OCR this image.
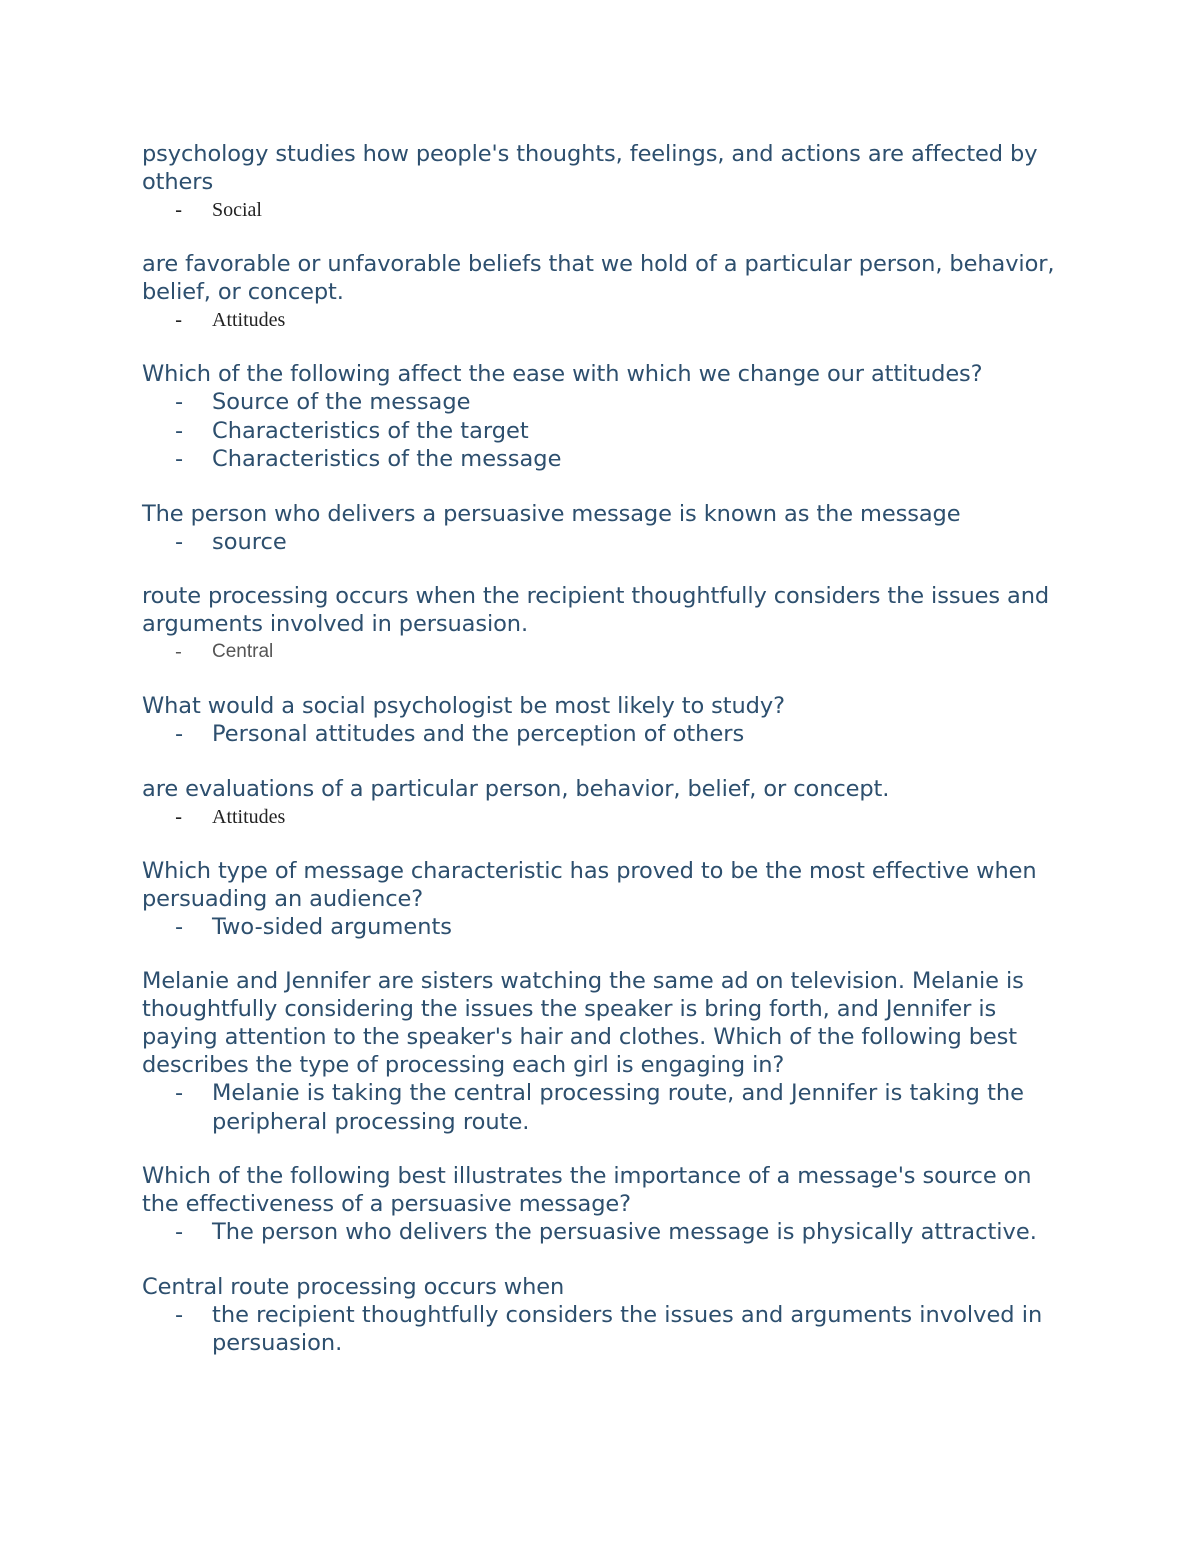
psychology studies how people's thoughts, feelings, and actions are affected by others

- Social

are favorable or unfavorable beliefs that we hold of a particular person, behavior, belief, or concept.

- Attitudes

Which of the following affect the ease with which we change our attitudes?

- Source of the message
- Characteristics of the target
- Characteristics of the message

The person who delivers a persuasive message is known as the message

- source

route processing occurs when the recipient thoughtfully considers the issues and arguments involved in persuasion.

- Central

What would a social psychologist be most likely to study?

- Personal attitudes and the perception of others

are evaluations of a particular person, behavior, belief, or concept.

- Attitudes

Which type of message characteristic has proved to be the most effective when persuading an audience?

- Two-sided arguments

Melanie and Jennifer are sisters watching the same ad on television. Melanie is thoughtfully considering the issues the speaker is bring forth, and Jennifer is paying attention to the speaker's hair and clothes. Which of the following best describes the type of processing each girl is engaging in?

- Melanie is taking the central processing route, and Jennifer is taking the peripheral processing route.

Which of the following best illustrates the importance of a message's source on the effectiveness of a persuasive message?

- The person who delivers the persuasive message is physically attractive.

Central route processing occurs when

- the recipient thoughtfully considers the issues and arguments involved in persuasion.
